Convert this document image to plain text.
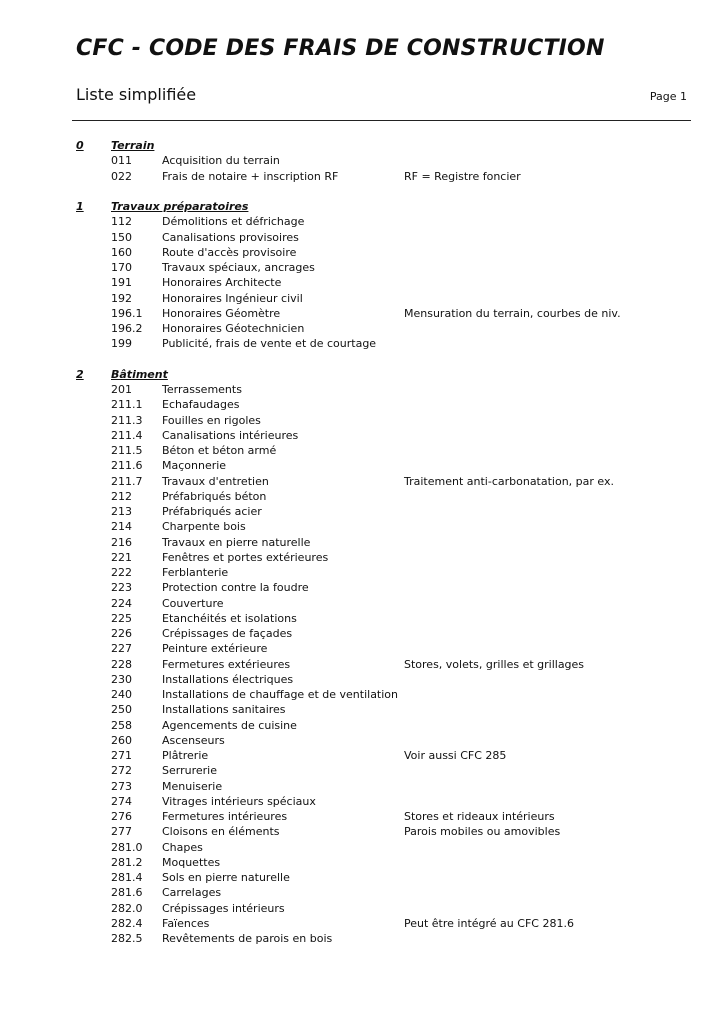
CFC - CODE DES FRAIS DE CONSTRUCTION
Liste simplifiée	Page 1
0 Terrain
011	Acquisition du terrain
022	Frais de notaire + inscription RF	RF = Registre foncier
1 Travaux préparatoires
112	Démolitions et défrichage
150	Canalisations provisoires
160	Route d'accès provisoire
170	Travaux spéciaux, ancrages
191	Honoraires Architecte
192	Honoraires Ingénieur civil
196.1 Honoraires Géomètre	Mensuration du terrain, courbes de niv.
196.2 Honoraires Géotechnicien
199	Publicité, frais de vente et de courtage
2 Bâtiment
201	Terrassements
211.1 Echafaudages
211.3 Fouilles en rigoles
211.4 Canalisations intérieures
211.5 Béton et béton armé
211.6 Maçonnerie
211.7 Travaux d'entretien	Traitement anti-carbonatation, par ex.
212	Préfabriqués béton
213	Préfabriqués acier
214	Charpente bois
216	Travaux en pierre naturelle
221	Fenêtres et portes extérieures
222	Ferblanterie
223	Protection contre la foudre
224	Couverture
225	Etanchéités et isolations
226	Crépissages de façades
227	Peinture extérieure
228	Fermetures extérieures	Stores, volets, grilles et grillages
230	Installations électriques
240	Installations de chauffage et de ventilation
250	Installations sanitaires
258	Agencements de cuisine
260	Ascenseurs
271	Plâtrerie	Voir aussi CFC 285
272	Serrurerie
273	Menuiserie
274	Vitrages intérieurs spéciaux
276	Fermetures intérieures	Stores et rideaux intérieurs
277	Cloisons en éléments	Parois mobiles ou amovibles
281.0 Chapes
281.2 Moquettes
281.4 Sols en pierre naturelle
281.6 Carrelages
282.0 Crépissages intérieurs
282.4 Faïences	Peut être intégré au CFC 281.6
282.5 Revêtements de parois en bois
